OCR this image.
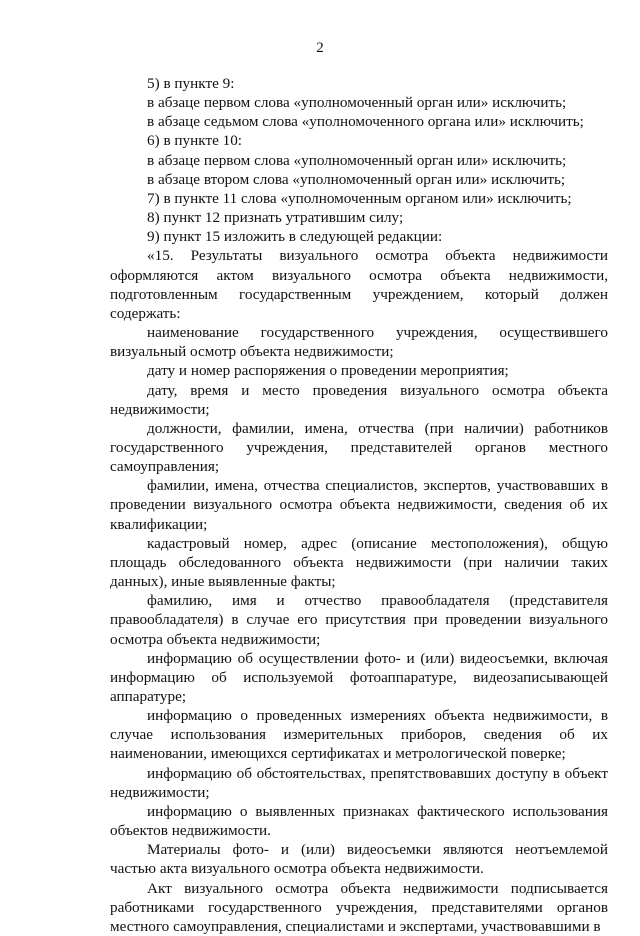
2

5) в пункте 9:

в абзаце первом слова «уполномоченный орган или» исключить;

в абзаце седьмом слова «уполномоченного органа или» исключить;

6) в пункте 10:

в абзаце первом слова «уполномоченный орган или» исключить;

в абзаце втором слова «уполномоченный орган или» исключить;

7) в пункте 11 слова «уполномоченным органом или» исключить;

8) пункт 12 признать утратившим силу;

9) пункт 15 изложить в следующей редакции:

«15. Результаты визуального осмотра объекта недвижимости оформляются актом визуального осмотра объекта недвижимости, подготовленным государственным учреждением, который должен содержать:

наименование государственного учреждения, осуществившего визуальный осмотр объекта недвижимости;

дату и номер распоряжения о проведении мероприятия;

дату, время и место проведения визуального осмотра объекта недвижимости;

должности, фамилии, имена, отчества (при наличии) работников государственного учреждения, представителей органов местного самоуправления;

фамилии, имена, отчества специалистов, экспертов, участвовавших в проведении визуального осмотра объекта недвижимости, сведения об их квалификации;

кадастровый номер, адрес (описание местоположения), общую площадь обследованного объекта недвижимости (при наличии таких данных), иные выявленные факты;

фамилию, имя и отчество правообладателя (представителя правообладателя) в случае его присутствия при проведении визуального осмотра объекта недвижимости;

информацию об осуществлении фото- и (или) видеосъемки, включая информацию об используемой фотоаппаратуре, видеозаписывающей аппаратуре;

информацию о проведенных измерениях объекта недвижимости, в случае использования измерительных приборов, сведения об их наименовании, имеющихся сертификатах и метрологической поверке;

информацию об обстоятельствах, препятствовавших доступу в объект недвижимости;

информацию о выявленных признаках фактического использования объектов недвижимости.

Материалы фото- и (или) видеосъемки являются неотъемлемой частью акта визуального осмотра объекта недвижимости.

Акт визуального осмотра объекта недвижимости подписывается работниками государственного учреждения, представителями органов местного самоуправления, специалистами и экспертами, участвовавшими в
